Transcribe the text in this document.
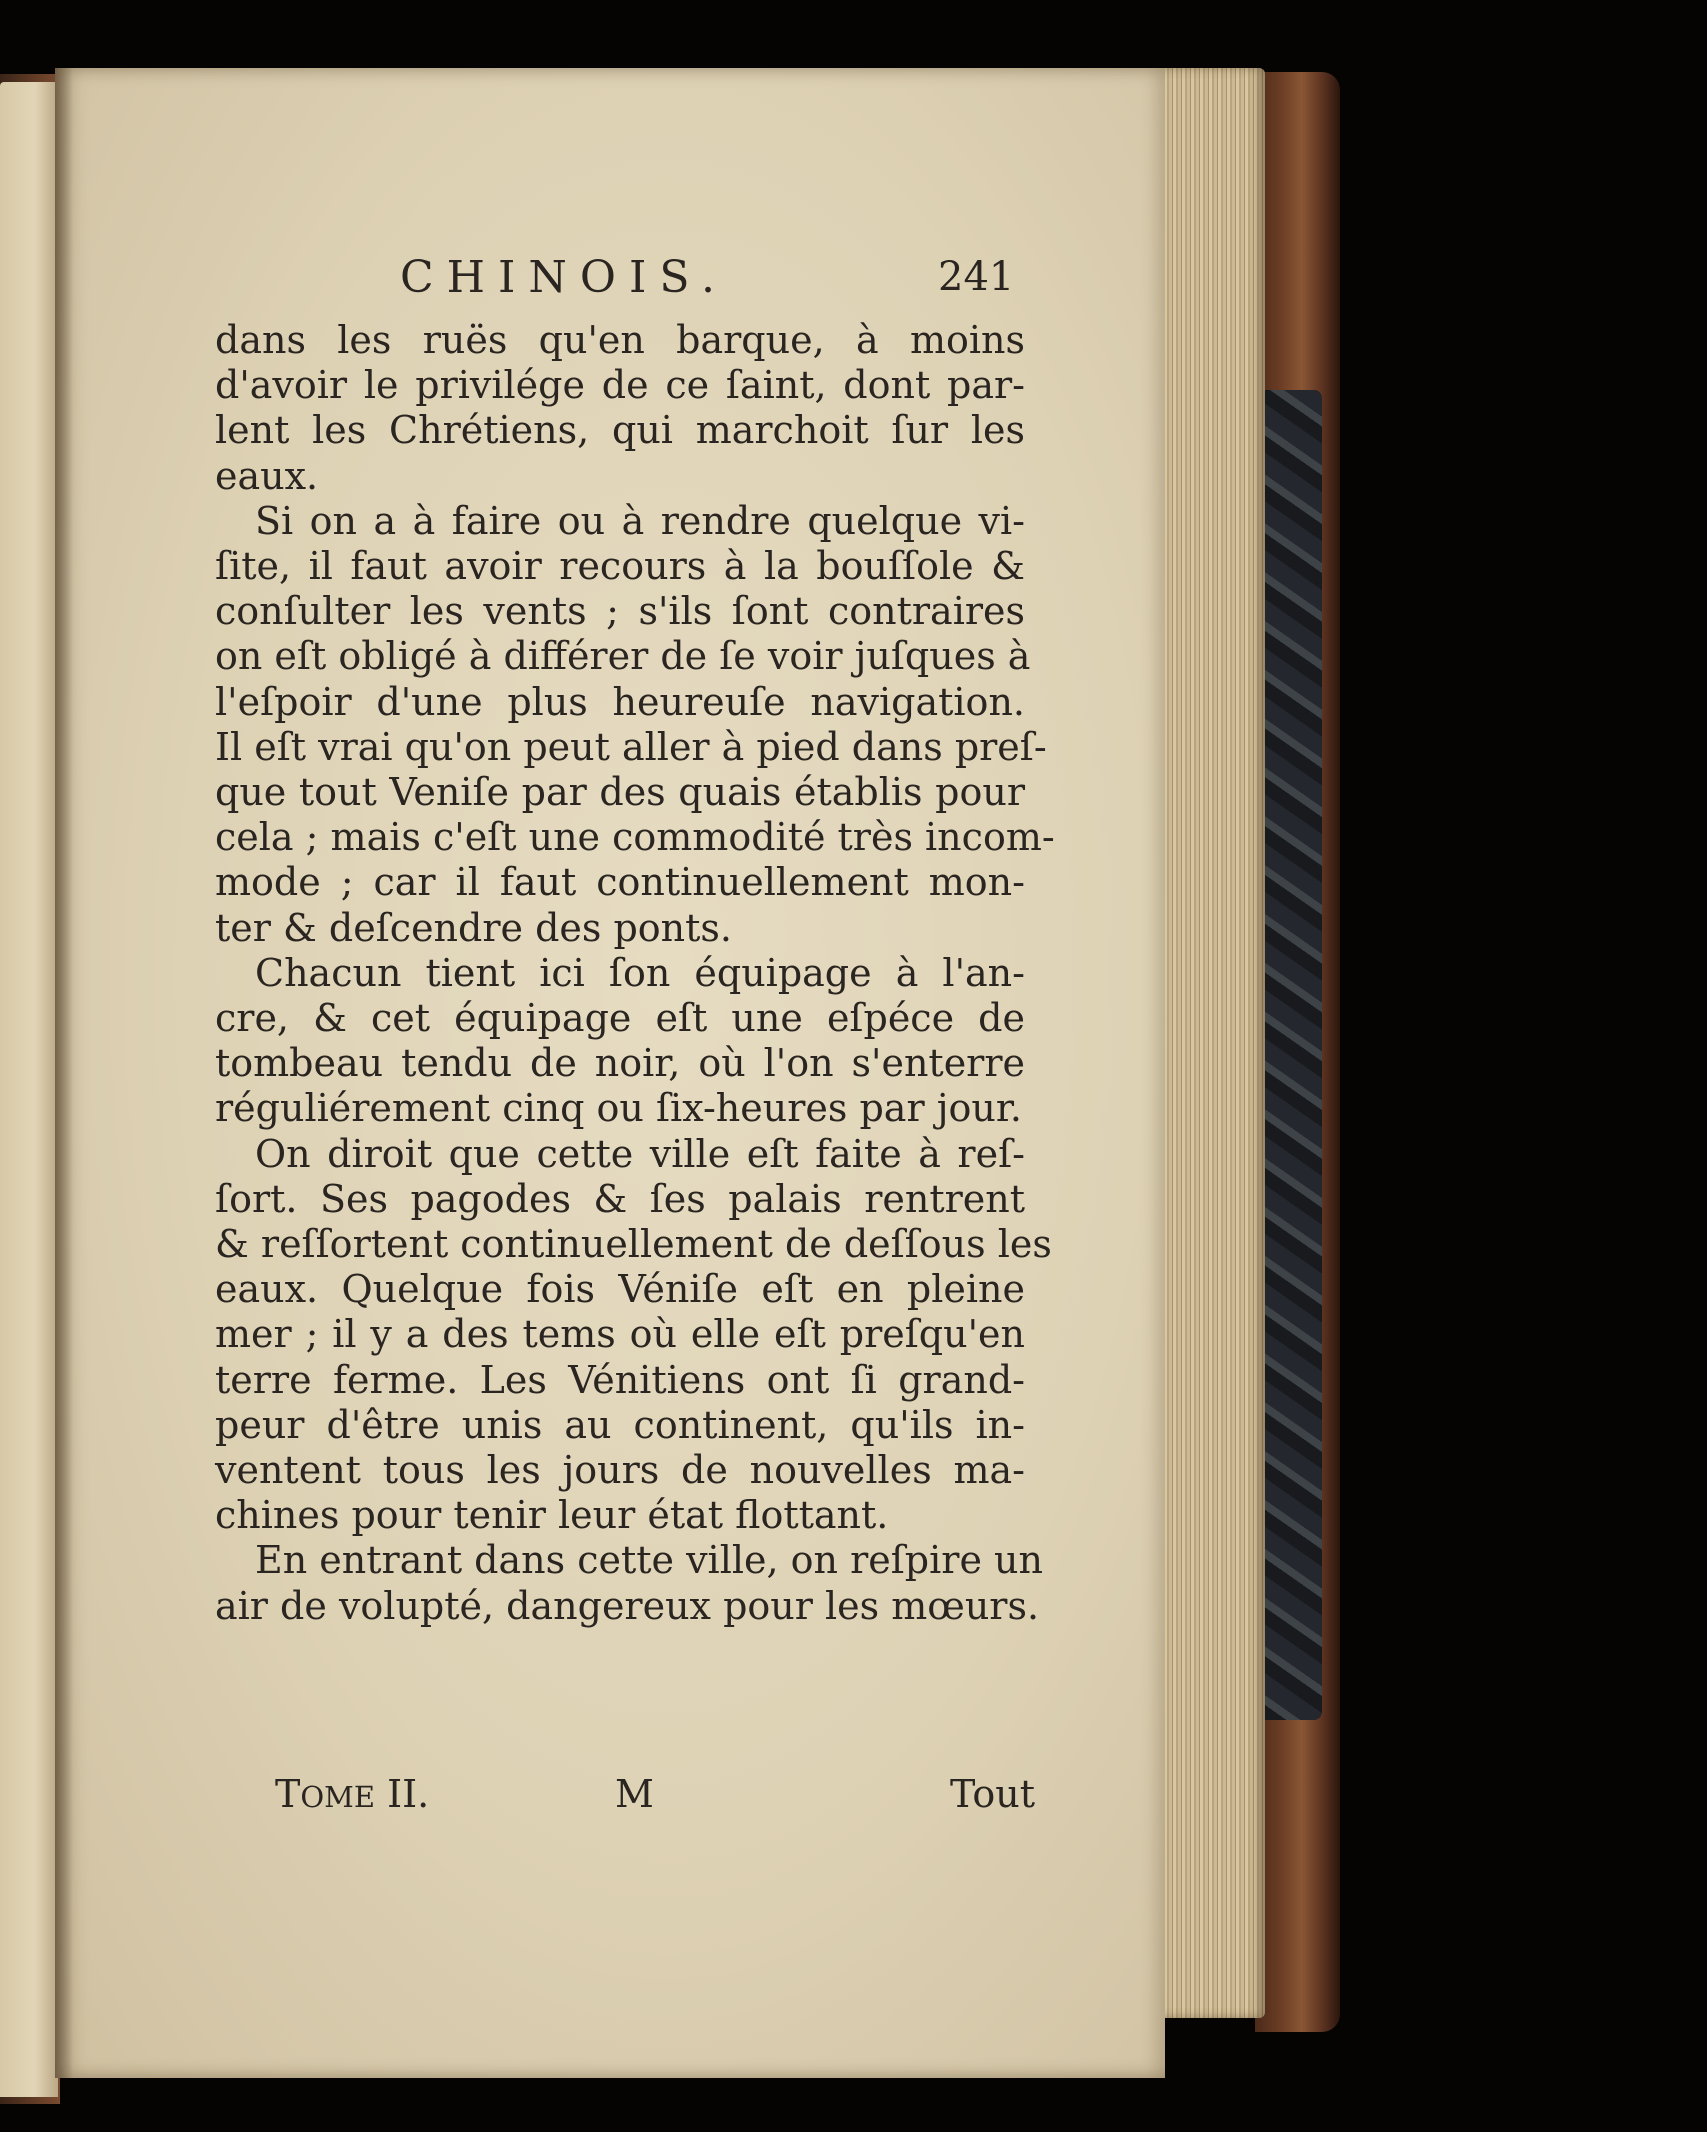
CHINOIS.	241
dans les ruës qu'en barque, à moins
d'avoir le privilége de ce ſaint, dont par-
lent les Chrétiens, qui marchoit ſur les
eaux.
Si on a à faire ou à rendre quelque vi-
ſite, il faut avoir recours à la bouſſole &
conſulter les vents ; s'ils ſont contraires
on eſt obligé à différer de ſe voir juſques à
l'eſpoir d'une plus heureuſe navigation.
Il eſt vrai qu'on peut aller à pied dans preſ-
que tout Veniſe par des quais établis pour
cela ; mais c'eſt une commodité très incom-
mode ; car il faut continuellement mon-
ter & deſcendre des ponts.
Chacun tient ici ſon équipage à l'an-
cre, & cet équipage eſt une eſpéce de
tombeau tendu de noir, où l'on s'enterre
réguliérement cinq ou ſix-heures par jour.
On diroit que cette ville eſt faite à reſ-
ſort. Ses pagodes & ſes palais rentrent
& reſſortent continuellement de deſſous les
eaux. Quelque fois Véniſe eſt en pleine
mer ; il y a des tems où elle eſt preſqu'en
terre ferme. Les Vénitiens ont ſi grand-
peur d'être unis au continent, qu'ils in-
ventent tous les jours de nouvelles ma-
chines pour tenir leur état flottant.
En entrant dans cette ville, on reſpire un
air de volupté, dangereux pour les mœurs.
TOME II.	M	Tout
